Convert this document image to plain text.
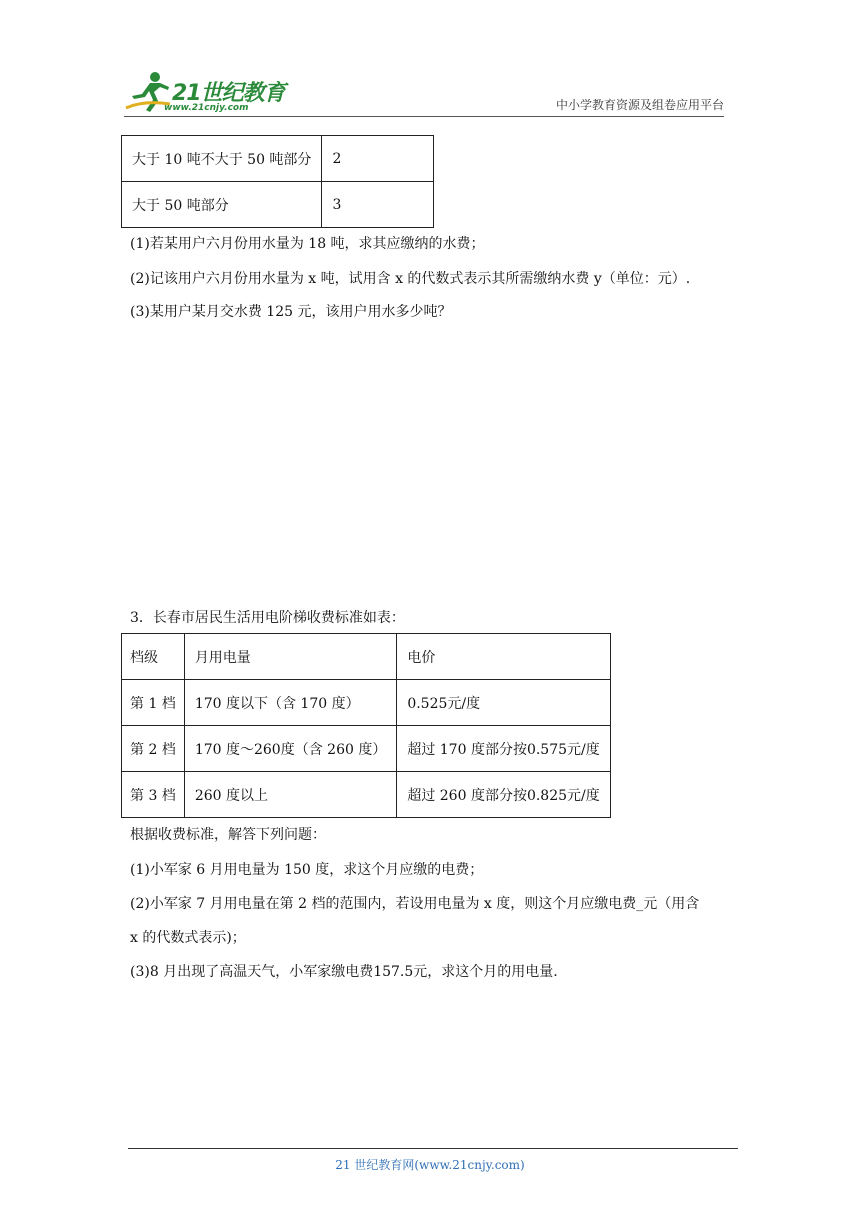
21世纪教育
www.21cnjy.com	中小学教育资源及组卷应用平台
大于 10 吨不大于 50 吨部分	2
大于 50 吨部分	3
(1)若某用户六月份用水量为 18 吨，求其应缴纳的水费；
(2)记该用户六月份用水量为 x 吨，试用含 x 的代数式表示其所需缴纳水费 y（单位：元）.
(3)某用户某月交水费 125 元，该用户用水多少吨？
3．长春市居民生活用电阶梯收费标准如表：
档级	月用电量	电价
第 1 档	170 度以下（含 170 度）	0.525元/度
第 2 档	170 度～260度（含 260 度）	超过 170 度部分按0.575元/度
第 3 档	260 度以上	超过 260 度部分按0.825元/度
根据收费标准，解答下列问题：
(1)小军家 6 月用电量为 150 度，求这个月应缴的电费；
(2)小军家 7 月用电量在第 2 档的范围内，若设用电量为 x 度，则这个月应缴电费_元（用含
x 的代数式表示)；
(3)8 月出现了高温天气，小军家缴电费157.5元，求这个月的用电量.
21 世纪教育网(www.21cnjy.com)
